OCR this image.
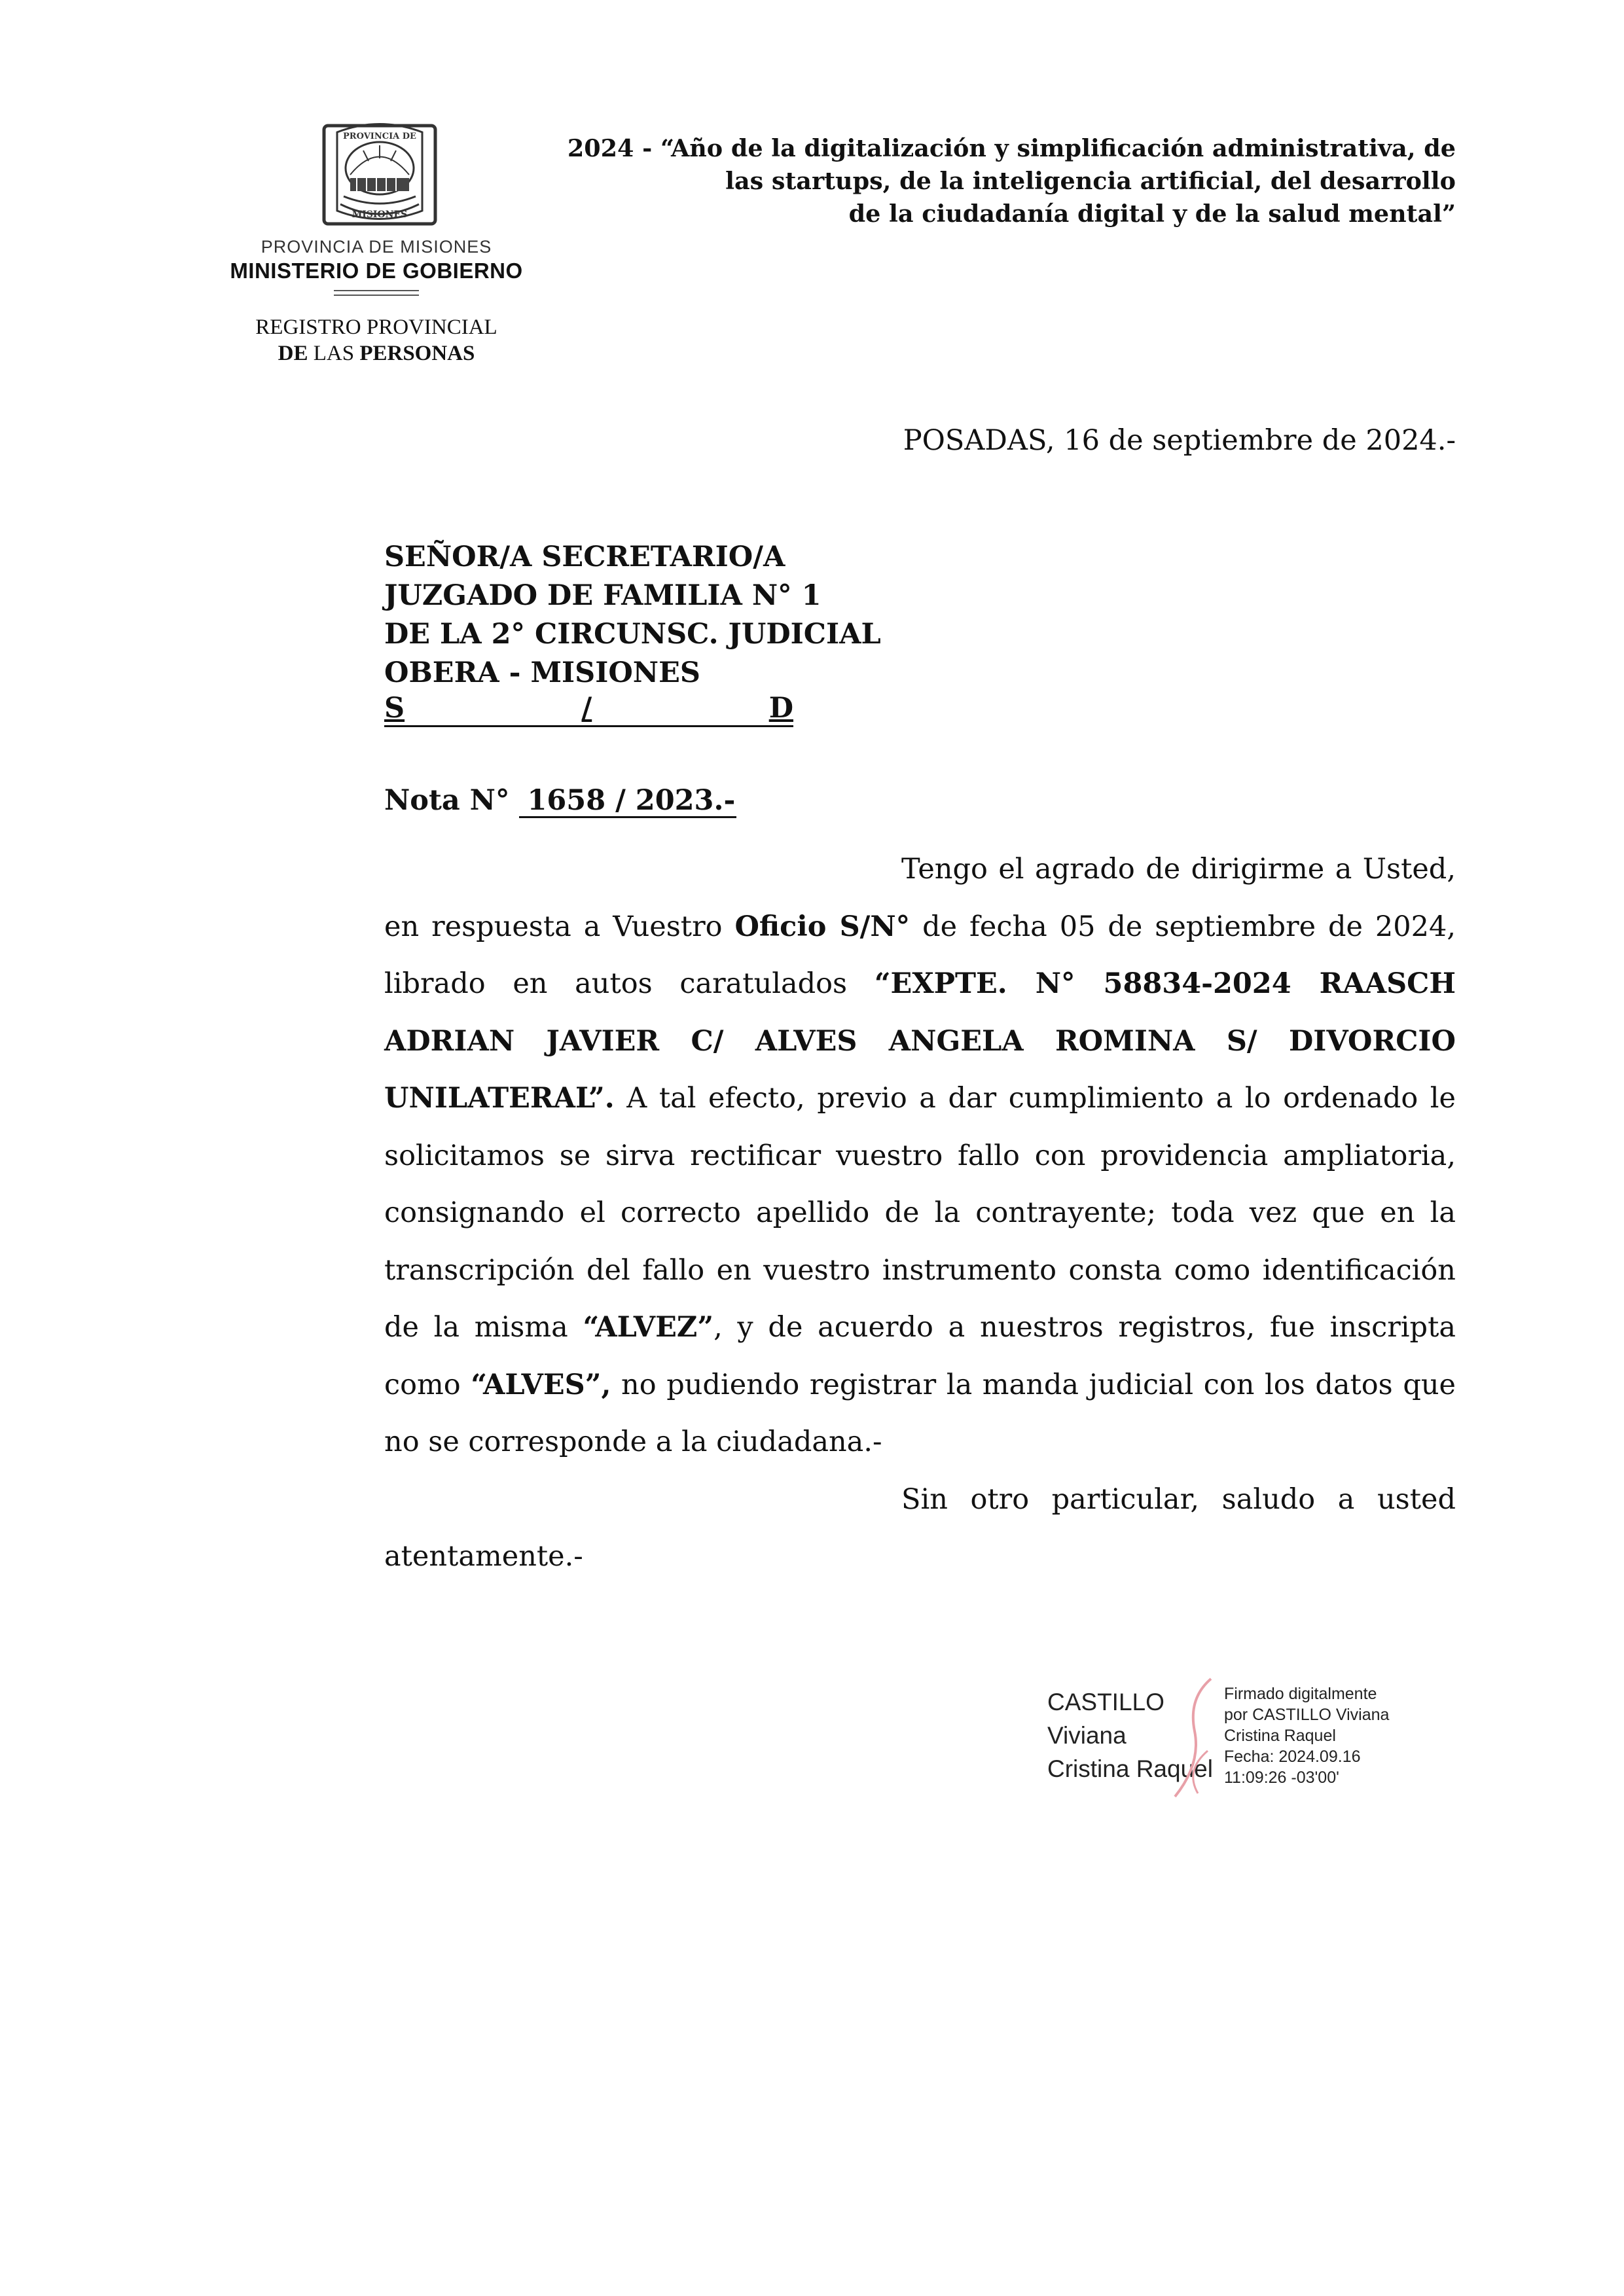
PROVINCIA DE
MISIONES
PROVINCIA DE MISIONES
MINISTERIO DE GOBIERNO
REGISTRO PROVINCIAL
DE LAS PERSONAS
2024 - “Año de la digitalización y simplificación administrativa, de
las startups, de la inteligencia artificial, del desarrollo
de la ciudadanía digital y de la salud mental”
POSADAS, 16 de septiembre de 2024.-
SEÑOR/A SECRETARIO/A
JUZGADO DE FAMILIA N° 1
DE LA 2° CIRCUNSC. JUDICIAL
OBERA - MISIONES
S	/	D
Nota N° 1658 / 2023.-

Tengo el agrado de dirigirme a Usted, en respuesta a Vuestro Oficio S/N° de fecha 05 de septiembre de 2024, librado en autos caratulados “EXPTE. N° 58834-2024 RAASCH ADRIAN JAVIER C/ ALVES ANGELA ROMINA S/ DIVORCIO UNILATERAL”. A tal efecto, previo a dar cumplimiento a lo ordenado le solicitamos se sirva rectificar vuestro fallo con providencia ampliatoria, consignando el correcto apellido de la contrayente; toda vez que en la transcripción del fallo en vuestro instrumento consta como identificación de la misma “ALVEZ”, y de acuerdo a nuestros registros, fue inscripta como “ALVES”, no pudiendo registrar la manda judicial con los datos que no se corresponde a la ciudadana.-

Sin otro particular, saludo a usted atentamente.-

CASTILLO
Viviana
Cristina Raquel
Firmado digitalmente
por CASTILLO Viviana
Cristina Raquel
Fecha: 2024.09.16
11:09:26 -03'00'
